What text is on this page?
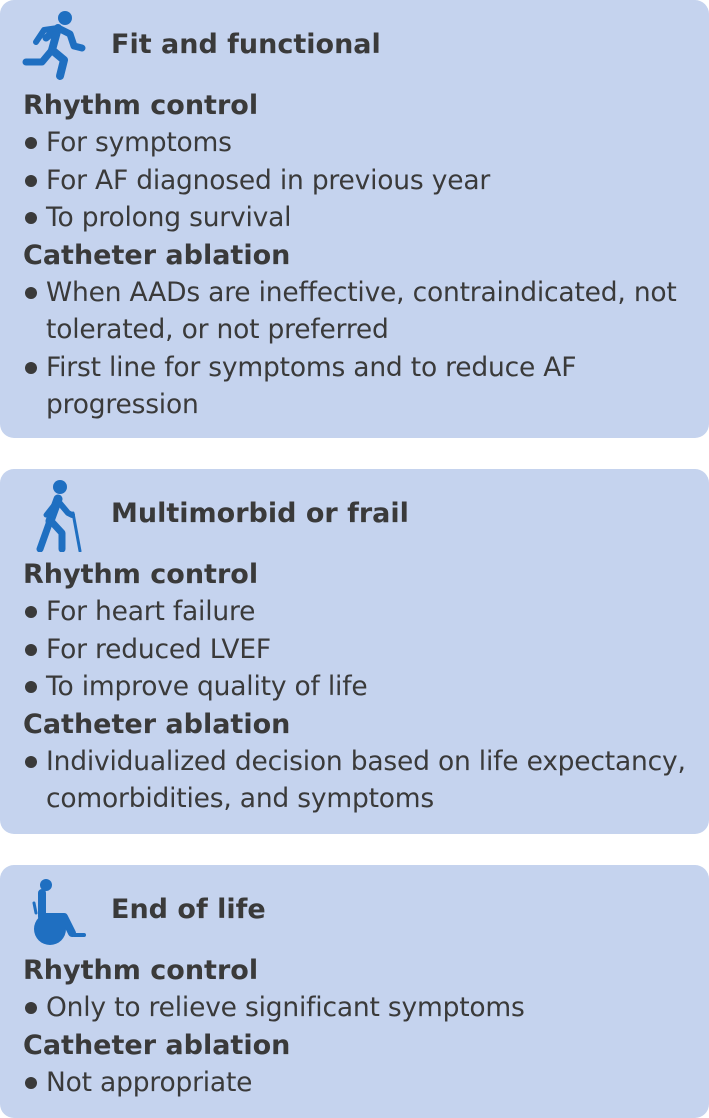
Fit and functional
Rhythm control
For symptoms
For AF diagnosed in previous year
To prolong survival
Catheter ablation
When AADs are ineffective, contraindicated, not tolerated, or not preferred
First line for symptoms and to reduce AF progression
Multimorbid or frail
Rhythm control
For heart failure
For reduced LVEF
To improve quality of life
Catheter ablation
Individualized decision based on life expectancy, comorbidities, and symptoms
End of life
Rhythm control
Only to relieve significant symptoms
Catheter ablation
Not appropriate
